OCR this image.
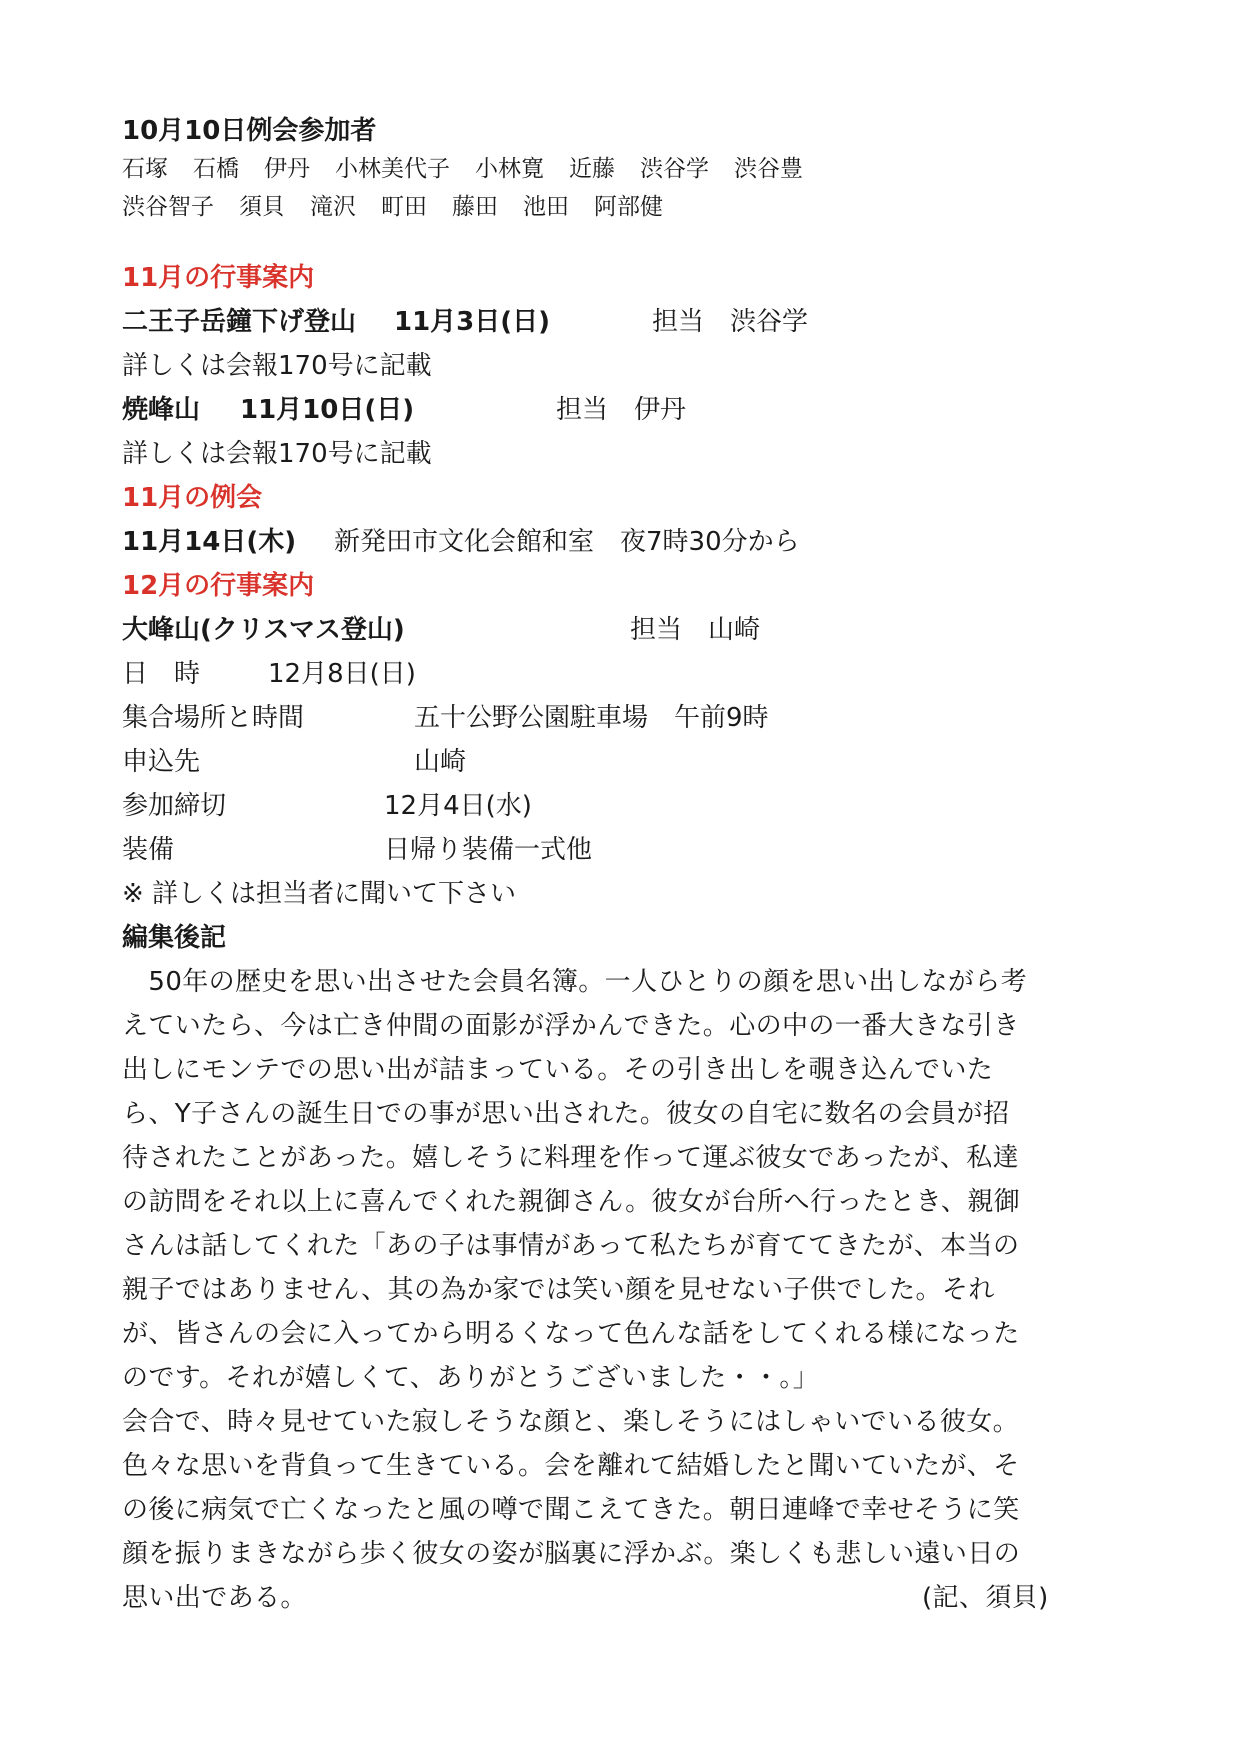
10月10日例会参加者
石塚 石橋 伊丹 小林美代子 小林寛 近藤 渋谷学 渋谷豊
渋谷智子 須貝 滝沢 町田 藤田 池田 阿部健
11月の行事案内
二王子岳鐘下げ登山 11月3日(日)	担当　渋谷学
詳しくは会報170号に記載
焼峰山 11月10日(日)	担当　伊丹
詳しくは会報170号に記載
11月の例会
11月14日(木) 新発田市文化会館和室　夜7時30分から
12月の行事案内
大峰山(クリスマス登山)	担当　山崎
日　時	12月8日(日)
集合場所と時間	五十公野公園駐車場　午前9時
申込先	山崎
参加締切	12月4日(水)
装備	日帰り装備一式他
※ 詳しくは担当者に聞いて下さい
編集後記
　50年の歴史を思い出させた会員名簿。一人ひとりの顔を思い出しながら考
えていたら、今は亡き仲間の面影が浮かんできた。心の中の一番大きな引き
出しにモンテでの思い出が詰まっている。その引き出しを覗き込んでいた
ら、Y子さんの誕生日での事が思い出された。彼女の自宅に数名の会員が招
待されたことがあった。嬉しそうに料理を作って運ぶ彼女であったが、私達
の訪問をそれ以上に喜んでくれた親御さん。彼女が台所へ行ったとき、親御
さんは話してくれた「あの子は事情があって私たちが育ててきたが、本当の
親子ではありません、其の為か家では笑い顔を見せない子供でした。それ
が、皆さんの会に入ってから明るくなって色んな話をしてくれる様になった
のです。それが嬉しくて、ありがとうございました・・。」
会合で、時々見せていた寂しそうな顔と、楽しそうにはしゃいでいる彼女。
色々な思いを背負って生きている。会を離れて結婚したと聞いていたが、そ
の後に病気で亡くなったと風の噂で聞こえてきた。朝日連峰で幸せそうに笑
顔を振りまきながら歩く彼女の姿が脳裏に浮かぶ。楽しくも悲しい遠い日の
思い出である。	(記、須貝)
